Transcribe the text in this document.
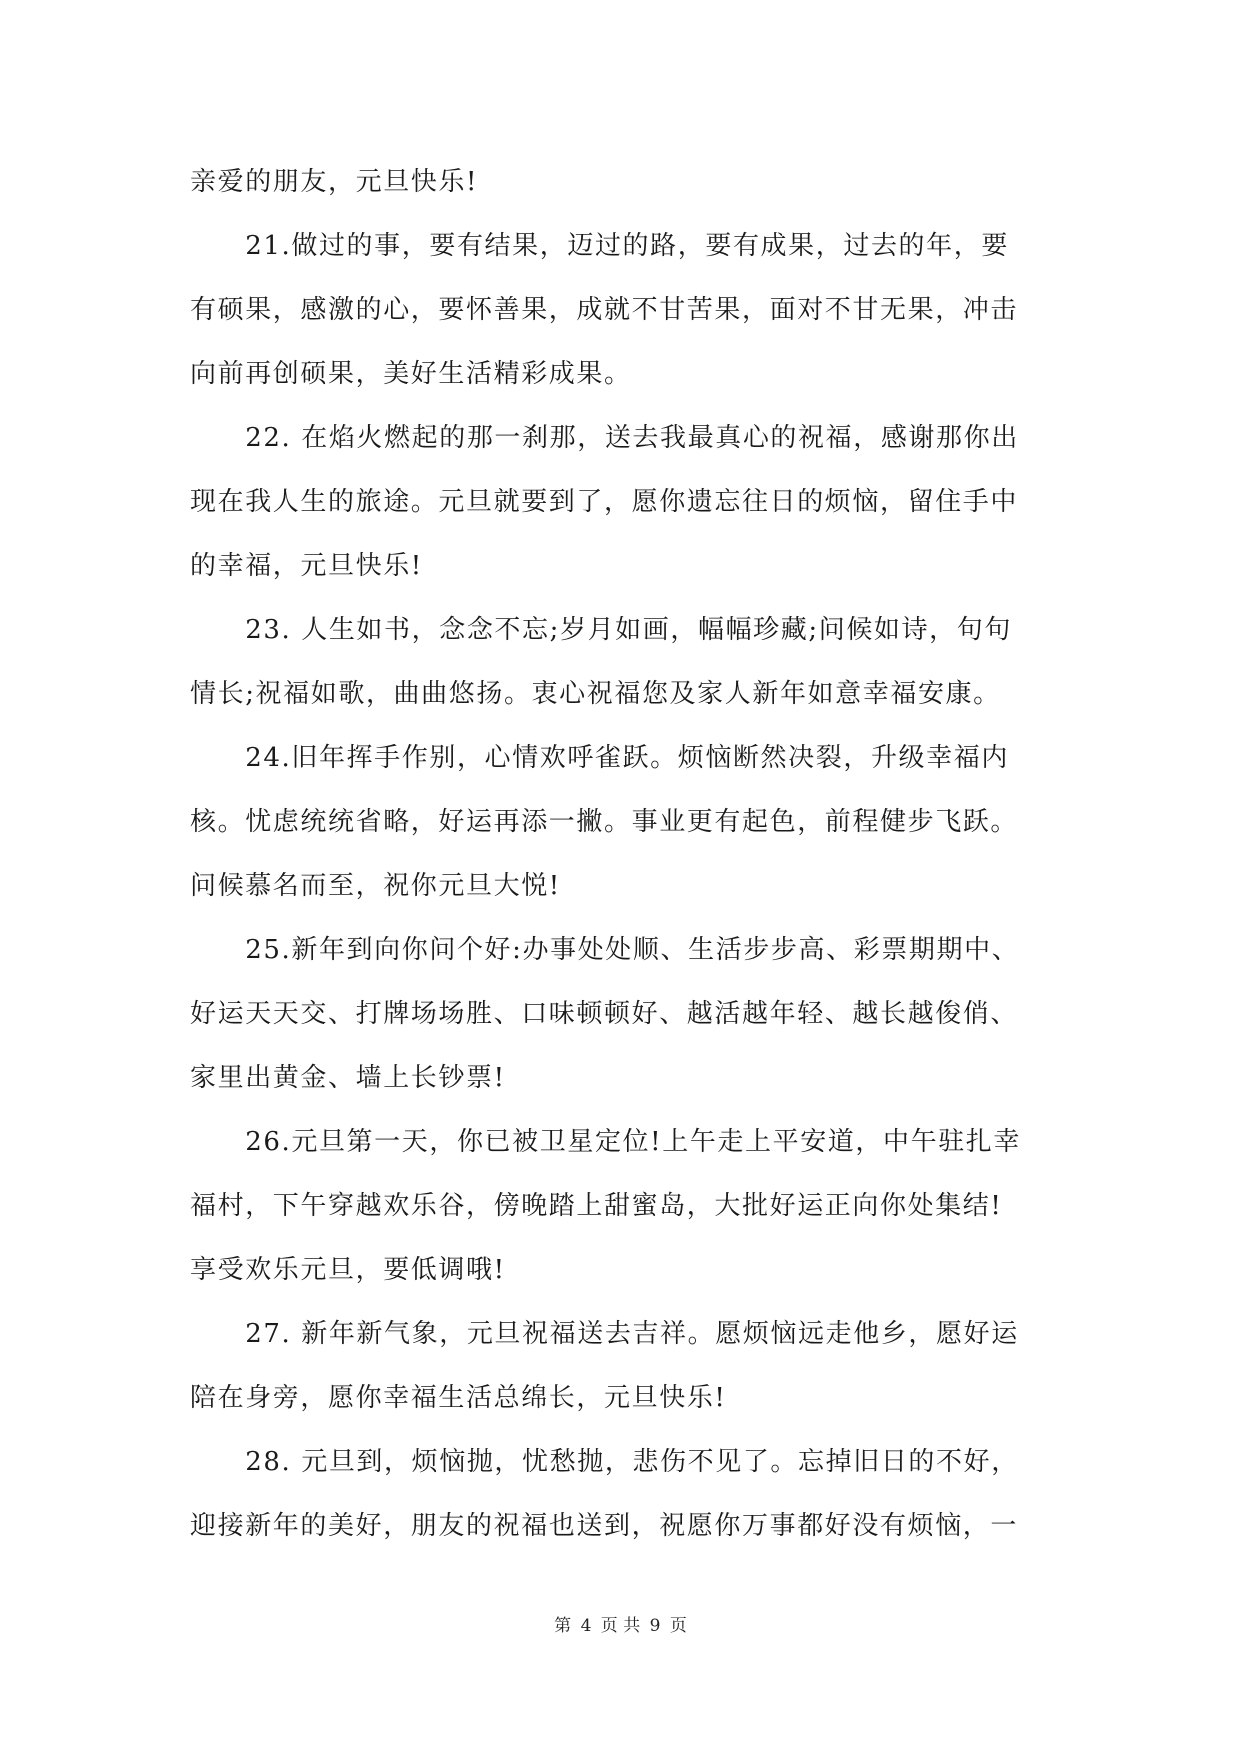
亲爱的朋友，元旦快乐!
　　21.做过的事，要有结果，迈过的路，要有成果，过去的年，要
有硕果，感激的心，要怀善果，成就不甘苦果，面对不甘无果，冲击
向前再创硕果，美好生活精彩成果。
　　22. 在焰火燃起的那一刹那，送去我最真心的祝福，感谢那你出
现在我人生的旅途。元旦就要到了，愿你遗忘往日的烦恼，留住手中
的幸福，元旦快乐!
　　23. 人生如书，念念不忘;岁月如画，幅幅珍藏;问候如诗，句句
情长;祝福如歌，曲曲悠扬。衷心祝福您及家人新年如意幸福安康。
　　24.旧年挥手作别，心情欢呼雀跃。烦恼断然决裂，升级幸福内
核。忧虑统统省略，好运再添一撇。事业更有起色，前程健步飞跃。
问候慕名而至，祝你元旦大悦!
　　25.新年到向你问个好:办事处处顺、生活步步高、彩票期期中、
好运天天交、打牌场场胜、口味顿顿好、越活越年轻、越长越俊俏、
家里出黄金、墙上长钞票!
　　26.元旦第一天，你已被卫星定位!上午走上平安道，中午驻扎幸
福村，下午穿越欢乐谷，傍晚踏上甜蜜岛，大批好运正向你处集结!
享受欢乐元旦，要低调哦!
　　27. 新年新气象，元旦祝福送去吉祥。愿烦恼远走他乡，愿好运
陪在身旁，愿你幸福生活总绵长，元旦快乐!
　　28. 元旦到，烦恼抛，忧愁抛，悲伤不见了。忘掉旧日的不好，
迎接新年的美好，朋友的祝福也送到，祝愿你万事都好没有烦恼，一
第 4 页 共 9 页
